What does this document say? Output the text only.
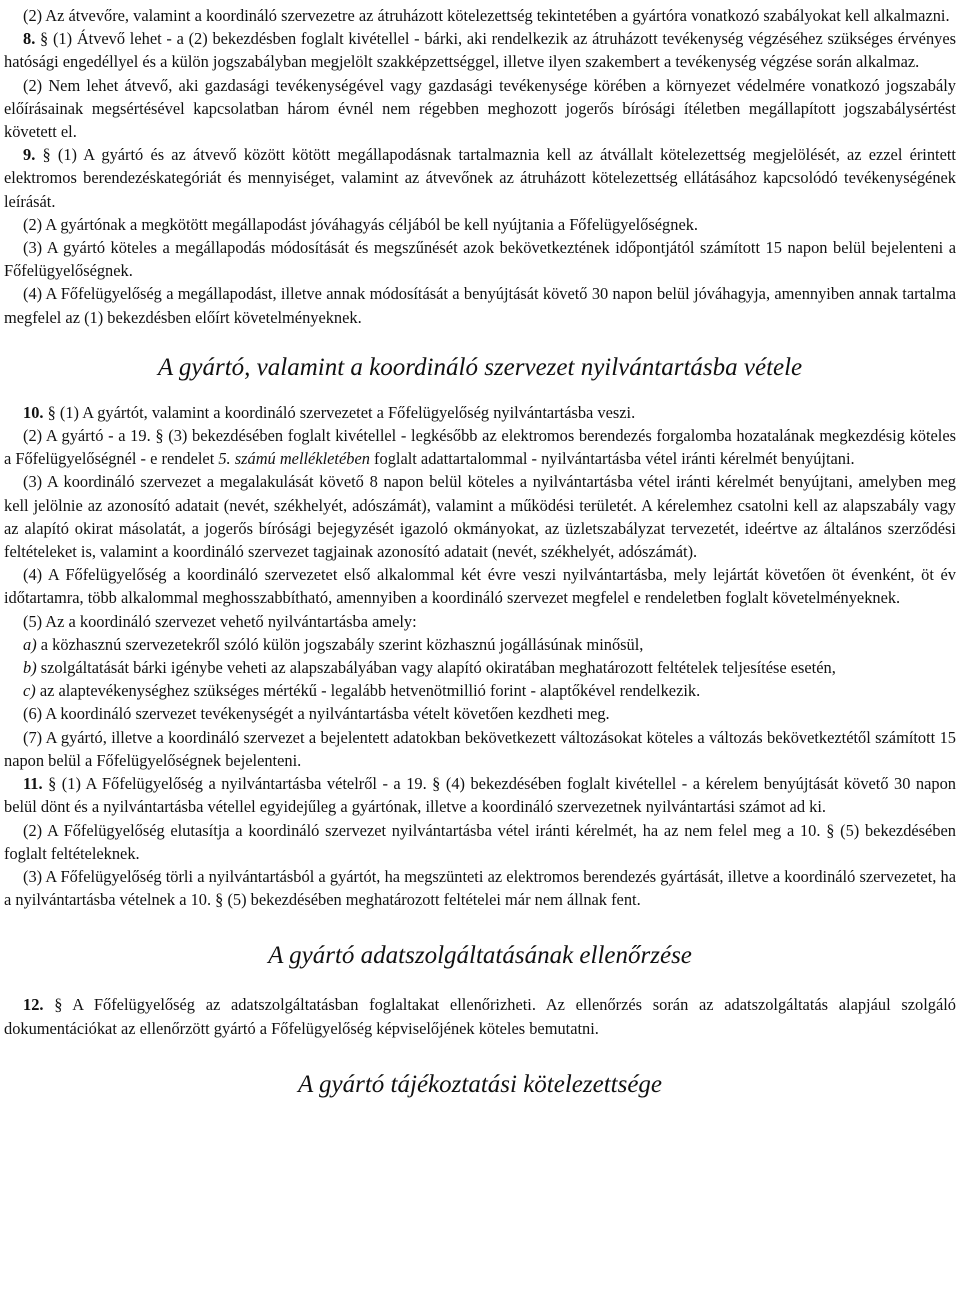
(2) Az átvevőre, valamint a koordináló szervezetre az átruházott kötelezettség tekintetében a gyártóra vonatkozó szabályokat kell alkalmazni.

8. § (1) Átvevő lehet - a (2) bekezdésben foglalt kivétellel - bárki, aki rendelkezik az átruházott tevékenység végzéséhez szükséges érvényes hatósági engedéllyel és a külön jogszabályban megjelölt szakképzettséggel, illetve ilyen szakembert a tevékenység végzése során alkalmaz.

(2) Nem lehet átvevő, aki gazdasági tevékenységével vagy gazdasági tevékenysége körében a környezet védelmére vonatkozó jogszabály előírásainak megsértésével kapcsolatban három évnél nem régebben meghozott jogerős bírósági ítéletben megállapított jogszabálysértést követett el.

9. § (1) A gyártó és az átvevő között kötött megállapodásnak tartalmaznia kell az átvállalt kötelezettség megjelölését, az ezzel érintett elektromos berendezéskategóriát és mennyiséget, valamint az átvevőnek az átruházott kötelezettség ellátásához kapcsolódó tevékenységének leírását.

(2) A gyártónak a megkötött megállapodást jóváhagyás céljából be kell nyújtania a Főfelügyelőségnek.

(3) A gyártó köteles a megállapodás módosítását és megszűnését azok bekövetkeztének időpontjától számított 15 napon belül bejelenteni a Főfelügyelőségnek.

(4) A Főfelügyelőség a megállapodást, illetve annak módosítását a benyújtását követő 30 napon belül jóváhagyja, amennyiben annak tartalma megfelel az (1) bekezdésben előírt követelményeknek.

A gyártó, valamint a koordináló szervezet nyilvántartásba vétele

10. § (1) A gyártót, valamint a koordináló szervezetet a Főfelügyelőség nyilvántartásba veszi.

(2) A gyártó - a 19. § (3) bekezdésében foglalt kivétellel - legkésőbb az elektromos berendezés forgalomba hozatalának megkezdésig köteles a Főfelügyelőségnél - e rendelet 5. számú mellékletében foglalt adattartalommal - nyilvántartásba vétel iránti kérelmét benyújtani.

(3) A koordináló szervezet a megalakulását követő 8 napon belül köteles a nyilvántartásba vétel iránti kérelmét benyújtani, amelyben meg kell jelölnie az azonosító adatait (nevét, székhelyét, adószámát), valamint a működési területét. A kérelemhez csatolni kell az alapszabály vagy az alapító okirat másolatát, a jogerős bírósági bejegyzését igazoló okmányokat, az üzletszabályzat tervezetét, ideértve az általános szerződési feltételeket is, valamint a koordináló szervezet tagjainak azonosító adatait (nevét, székhelyét, adószámát).

(4) A Főfelügyelőség a koordináló szervezetet első alkalommal két évre veszi nyilvántartásba, mely lejártát követően öt évenként, öt év időtartamra, több alkalommal meghosszabbítható, amennyiben a koordináló szervezet megfelel e rendeletben foglalt követelményeknek.

(5) Az a koordináló szervezet vehető nyilvántartásba amely:

a) a közhasznú szervezetekről szóló külön jogszabály szerint közhasznú jogállásúnak minősül,

b) szolgáltatását bárki igénybe veheti az alapszabályában vagy alapító okiratában meghatározott feltételek teljesítése esetén,

c) az alaptevékenységhez szükséges mértékű - legalább hetvenötmillió forint - alaptőkével rendelkezik.

(6) A koordináló szervezet tevékenységét a nyilvántartásba vételt követően kezdheti meg.

(7) A gyártó, illetve a koordináló szervezet a bejelentett adatokban bekövetkezett változásokat köteles a változás bekövetkeztétől számított 15 napon belül a Főfelügyelőségnek bejelenteni.

11. § (1) A Főfelügyelőség a nyilvántartásba vételről - a 19. § (4) bekezdésében foglalt kivétellel - a kérelem benyújtását követő 30 napon belül dönt és a nyilvántartásba vétellel egyidejűleg a gyártónak, illetve a koordináló szervezetnek nyilvántartási számot ad ki.

(2) A Főfelügyelőség elutasítja a koordináló szervezet nyilvántartásba vétel iránti kérelmét, ha az nem felel meg a 10. § (5) bekezdésében foglalt feltételeknek.

(3) A Főfelügyelőség törli a nyilvántartásból a gyártót, ha megszünteti az elektromos berendezés gyártását, illetve a koordináló szervezetet, ha a nyilvántartásba vételnek a 10. § (5) bekezdésében meghatározott feltételei már nem állnak fent.

A gyártó adatszolgáltatásának ellenőrzése

12. § A Főfelügyelőség az adatszolgáltatásban foglaltakat ellenőrizheti. Az ellenőrzés során az adatszolgáltatás alapjául szolgáló dokumentációkat az ellenőrzött gyártó a Főfelügyelőség képviselőjének köteles bemutatni.

A gyártó tájékoztatási kötelezettsége
